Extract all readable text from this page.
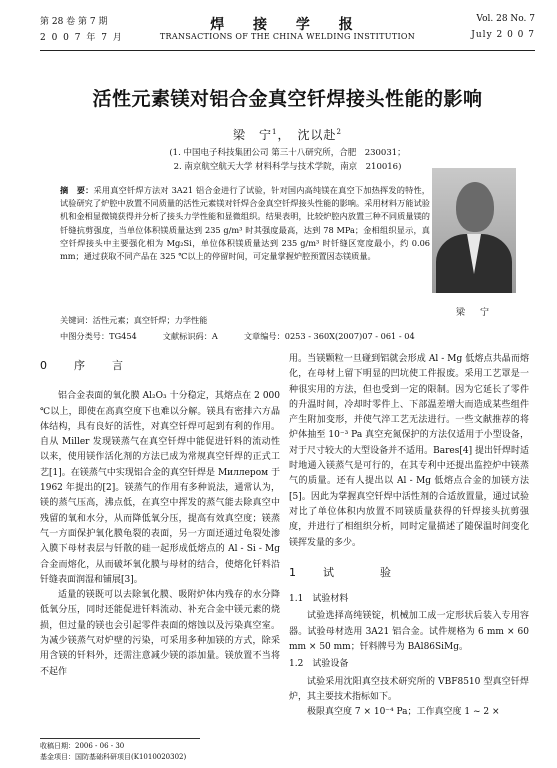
第 28 卷 第 7 期
2 0 0 7 年 7 月
焊 接 学 报
TRANSACTIONS OF THE CHINA WELDING INSTITUTION
Vol. 28 No. 7
July 2 0 0 7
活性元素镁对铝合金真空钎焊接头性能的影响
梁　宁$^1$，　沈以赴$^2$
(1. 中国电子科技集团公司 第三十八研究所，合肥　230031；
2. 南京航空航天大学 材料科学与技术学院，南京　210016)
摘　要：采用真空钎焊方法对 3A21 铝合金进行了试验，针对国内高纯镁在真空下加热挥发的特性，试验研究了炉腔中放置不同质量的活性元素镁对钎焊合金真空钎焊接头性能的影响。采用材料万能试验机和金相显微镜获得并分析了接头力学性能和显微组织。结果表明，比较炉腔内放置三种不同质量镁的钎缝抗剪强度，当单位体积镁质量达到 235 g/m³ 时其强度最高，达到 78 MPa；金相组织显示，真空钎焊接头中主要强化相为 Mg₂Si，单位体积镁质量达到 235 g/m³ 时钎缝区宽度最小，约 0.06 mm；通过获取不同产品在 325 ℃以上的停留时间，可定量掌握炉腔预置因态镁质量。
关键词：活性元素；真空钎焊；力学性能
中图分类号：TG454	文献标识码：A	文章编号：0253 - 360X(2007)07 - 061 - 04
梁　宁
0　序　言

铝合金表面的氧化膜 Al₂O₃ 十分稳定，其熔点在 2 000 ℃以上，即使在高真空度下也难以分解。镁具有密排六方晶体结构，具有良好的活性，对真空钎焊可起到有利的作用。自从 Miller 发现镁蒸气在真空钎焊中能促进钎料的流动性以来，使用镁作活化剂的方法已成为常规真空钎焊的正式工艺[1]。在镁蒸气中实现铝合金的真空钎焊是 Миллером 于 1962 年提出的[2]。镁蒸气的作用有多种说法，通常认为，镁的蒸气压高，沸点低，在真空中挥发的蒸气能去除真空中残留的氧和水分，从而降低氧分压，提高有效真空度；镁蒸气一方面保护氧化膜龟裂的表面，另一方面还通过龟裂处渗入膜下母材表层与钎散的硅一起形成低熔点的 Al - Si - Mg 合金而熔化，从而破坏氧化膜与母材的结合，使熔化钎料沿钎缝表面润湿和铺展[3]。

适量的镁既可以去除氧化膜、吸附炉体内残存的水分降低氧分压，同时还能促进钎料流动、补充合金中镁元素的烧损，但过量的镁也会引起零件表面的熔蚀以及污染真空室。为减少镁蒸气对炉壁的污染，可采用多种加镁的方式，除采用含镁的钎料外，还需注意减少镁的添加量。镁放置不当将不起作

用。当镁颗粒一旦碰到铝就会形成 Al - Mg 低熔点共晶而熔化，在母材上留下明显的凹坑使工件报废。采用工艺罩是一种很实用的方法，但也受到一定的限制。因为它延长了零件的升温时间，冷却时零件上、下部温差增大而造成某些组件产生附加变形，并使气淬工艺无法进行。一些文献推荐的将炉体抽至 10⁻³ Pa 真空充氮保护的方法仅适用于小型设备，对于尺寸较大的大型设备并不适用。Bares[4] 提出钎焊时适时地通入镁蒸气是可行的，在其专利中还提出监控炉中镁蒸气的质量。还有人提出以 Al - Mg 低熔点合金的加镁方法[5]。因此为掌握真空钎焊中活性剂的合适放置量，通过试验对比了单位体积内放置不同镁质量获得的钎焊接头抗剪强度，并进行了相组织分析，同时定量描述了随保温时间变化镁挥发量的多少。

1　试　　验
1.1　试验材料

试验选择高纯镁锭，机械加工成一定形状后装入专用容器。试验母材选用 3A21 铝合金。试件规格为 6 mm × 60 mm × 50 mm；钎料牌号为 BAl86SiMg。

1.2　试验设备

试验采用沈阳真空技术研究所的 VBF8510 型真空钎焊炉，其主要技术指标如下。

极限真空度 7 × 10⁻⁴ Pa；工作真空度 1 ~ 2 ×

收稿日期：2006 - 06 - 30
基金项目：国防基础科研项目(K1010020302)
